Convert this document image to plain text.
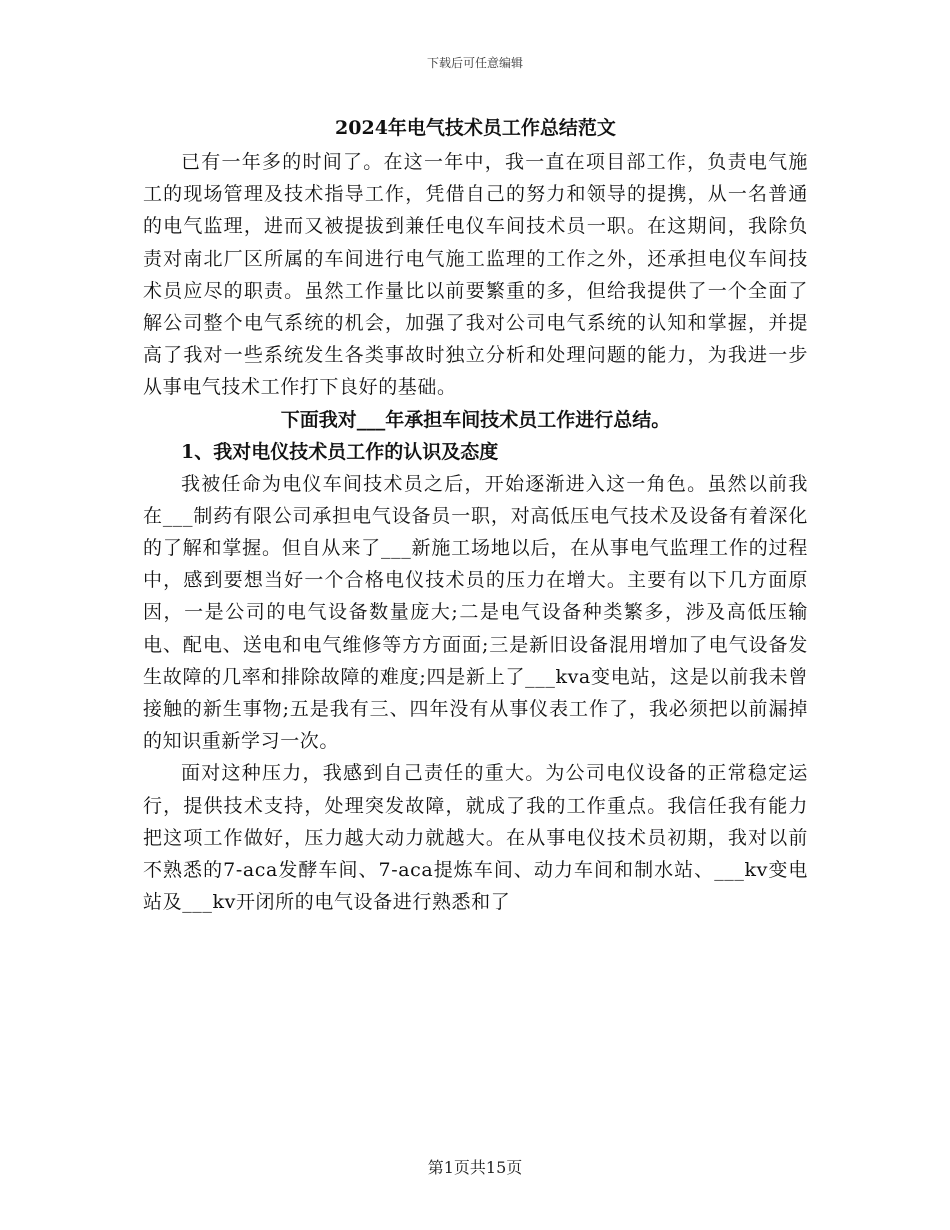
下载后可任意编辑

2024年电气技术员工作总结范文

已有一年多的时间了。在这一年中，我一直在项目部工作，负责电气施工的现场管理及技术指导工作，凭借自己的努力和领导的提携，从一名普通的电气监理，进而又被提拔到兼任电仪车间技术员一职。在这期间，我除负责对南北厂区所属的车间进行电气施工监理的工作之外，还承担电仪车间技术员应尽的职责。虽然工作量比以前要繁重的多，但给我提供了一个全面了解公司整个电气系统的机会，加强了我对公司电气系统的认知和掌握，并提高了我对一些系统发生各类事故时独立分析和处理问题的能力，为我进一步从事电气技术工作打下良好的基础。

下面我对___年承担车间技术员工作进行总结。

1、我对电仪技术员工作的认识及态度

我被任命为电仪车间技术员之后，开始逐渐进入这一角色。虽然以前我在___制药有限公司承担电气设备员一职，对高低压电气技术及设备有着深化的了解和掌握。但自从来了___新施工场地以后，在从事电气监理工作的过程中，感到要想当好一个合格电仪技术员的压力在增大。主要有以下几方面原因，一是公司的电气设备数量庞大;二是电气设备种类繁多，涉及高低压输电、配电、送电和电气维修等方方面面;三是新旧设备混用增加了电气设备发生故障的几率和排除故障的难度;四是新上了___kva变电站，这是以前我未曾接触的新生事物;五是我有三、四年没有从事仪表工作了，我必须把以前漏掉的知识重新学习一次。

面对这种压力，我感到自己责任的重大。为公司电仪设备的正常稳定运行，提供技术支持，处理突发故障，就成了我的工作重点。我信任我有能力把这项工作做好，压力越大动力就越大。在从事电仪技术员初期，我对以前不熟悉的7-aca发酵车间、7-aca提炼车间、动力车间和制水站、___kv变电站及___kv开闭所的电气设备进行熟悉和了

第1页共15页
